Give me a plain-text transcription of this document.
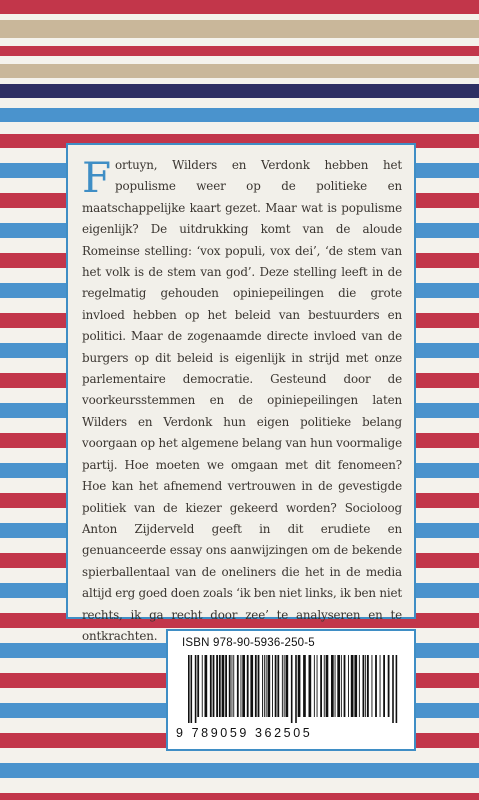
Fortuyn, Wilders en Verdonk hebben het populisme weer op de politieke en maatschappelijke kaart gezet. Maar wat is populisme eigenlijk? De uitdrukking komt van de aloude Romeinse stelling: ‘vox populi, vox dei’, ‘de stem van het volk is de stem van god’. Deze stelling leeft in de regelmatig gehouden opiniepeilingen die grote invloed hebben op het beleid van bestuurders en politici. Maar de zogenaamde directe invloed van de burgers op dit beleid is eigenlijk in strijd met onze parlementaire democratie. Gesteund door de voorkeursstemmen en de opiniepeilingen laten Wilders en Verdonk hun eigen politieke belang voorgaan op het algemene belang van hun voormalige partij. Hoe moeten we omgaan met dit fenomeen? Hoe kan het afnemend vertrouwen in de gevestigde politiek van de kiezer gekeerd worden? Socioloog Anton Zijderveld geeft in dit erudiete en genuanceerde essay ons aanwijzingen om de bekende spierballentaal van de oneliners die het in de media altijd erg goed doen zoals ‘ik ben niet links, ik ben niet rechts, ik ga recht door zee’ te analyseren en te ontkrachten.

ISBN 978-90-5936-250-5
9 789059 362505
